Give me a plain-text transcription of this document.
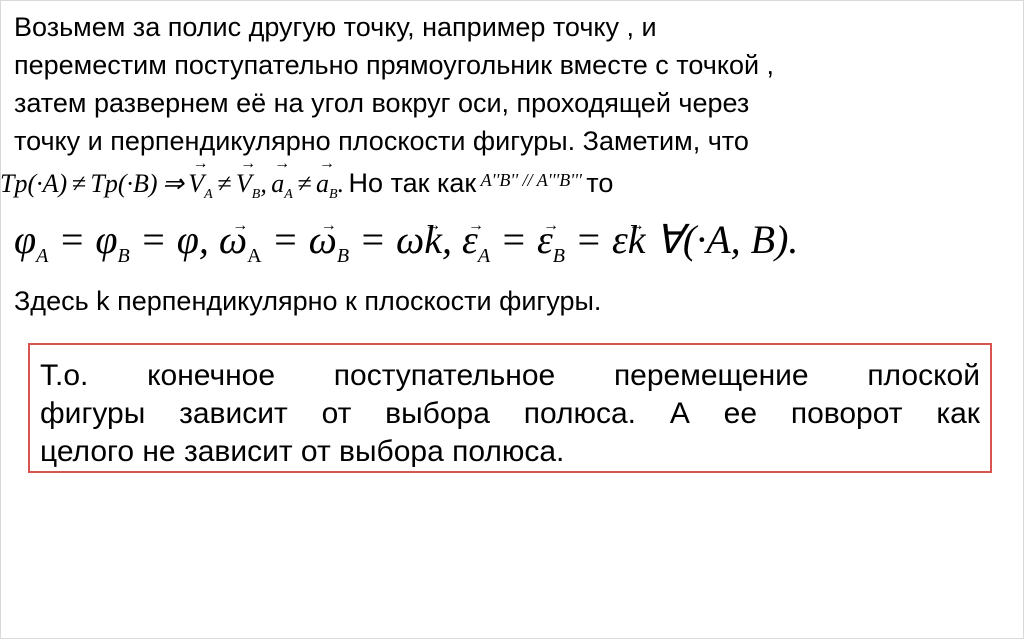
Возьмем за полис другую точку, например точку , и
переместим поступательно прямоугольник вместе с точкой ,
затем развернем её на угол вокруг оси, проходящей через
точку и перпендикулярно плоскости фигуры. Заметим, что
Tp(·A) ≠ Tp(·B) ⇒ → $V_A$ ≠ → $V_B$, → $a_A$ ≠ → $a_B$. Но так как A''B'' // A'''B''' то
$\varphi_A = \varphi_B = \varphi$, → $\omega_A$ = → $\omega_B = \omega\to k$, → $\varepsilon_A$ = → $\varepsilon_B = \varepsilon\to k$ ∀(·A, B).
Здесь k перпендикулярно к плоскости фигуры.
Т.о. конечное поступательное перемещение плоской
фигуры зависит от выбора полюса. А ее поворот как
целого не зависит от выбора полюса.
